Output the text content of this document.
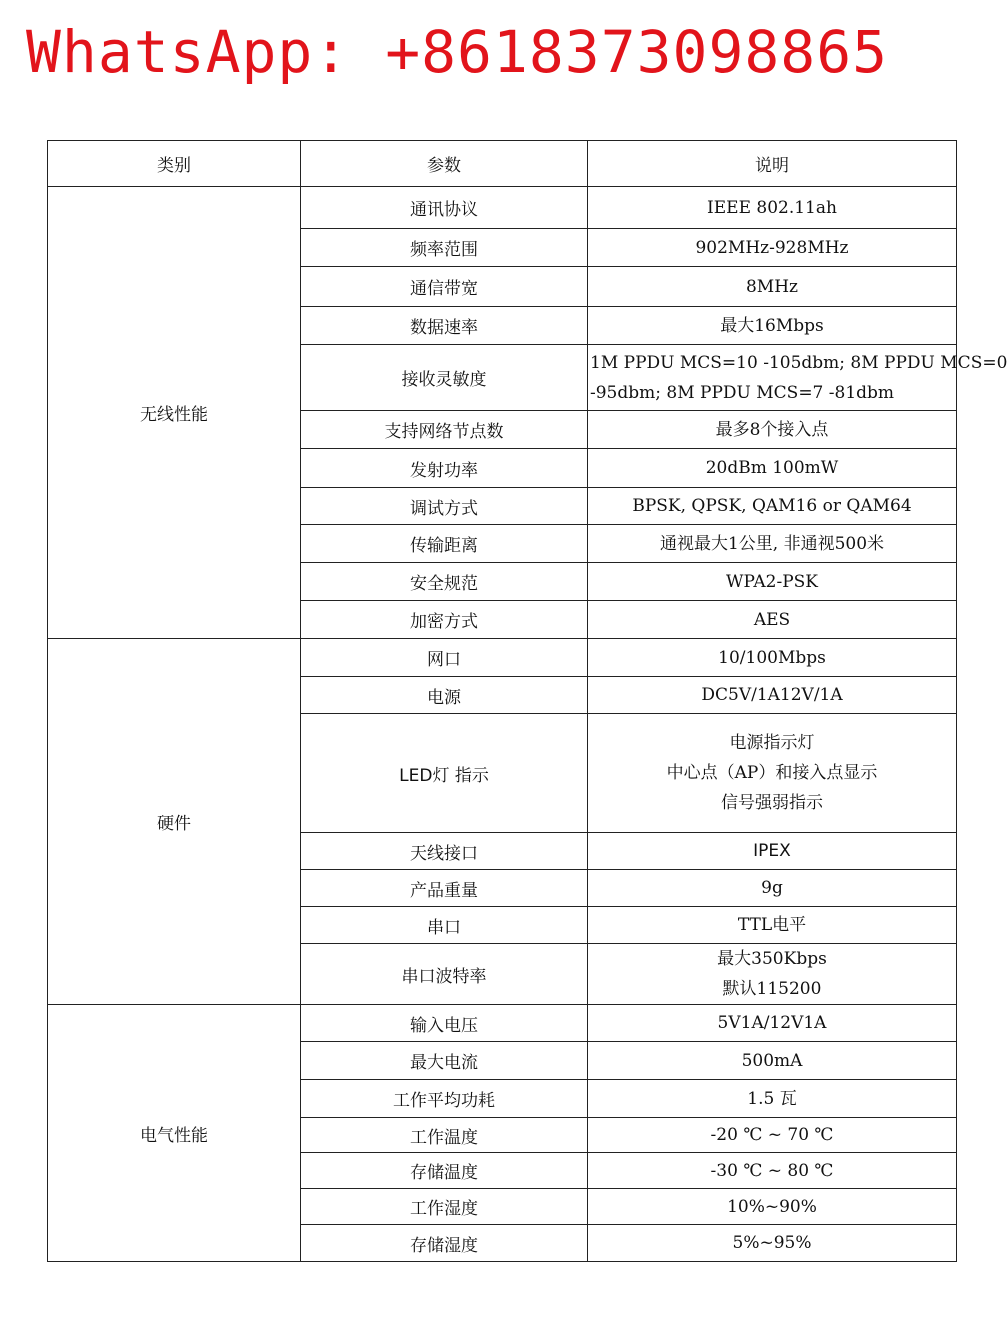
WhatsApp: +8618373098865
类别	参数	说明
无线性能	通讯协议	IEEE 802.11ah

	频率范围	902MHz-928MHz

	通信带宽	8MHz

	数据速率	最大16Mbps

	接收灵敏度	1M PPDU MCS=10 -105dbm; 8M PPDU MCS=0
-95dbm; 8M PPDU MCS=7 -81dbm

	支持网络节点数	最多8个接入点

	发射功率	20dBm 100mW

	调试方式	BPSK, QPSK, QAM16 or QAM64

	传输距离	通视最大1公里, 非通视500米

	安全规范	WPA2-PSK

	加密方式	AES

硬件	网口	10/100Mbps

	电源	DC5V/1A12V/1A

	LED灯 指示	电源指示灯
中心点（AP）和接入点显示
信号强弱指示

	天线接口	IPEX

	产品重量	9g

	串口	TTL电平

	串口波特率	最大350Kbps
默认115200

电气性能	输入电压	5V1A/12V1A

	最大电流	500mA

	工作平均功耗	1.5 瓦

	工作温度	-20 ℃ ~ 70 ℃

	存储温度	-30 ℃ ~ 80 ℃

	工作湿度	10%~90%

	存储湿度	5%~95%
